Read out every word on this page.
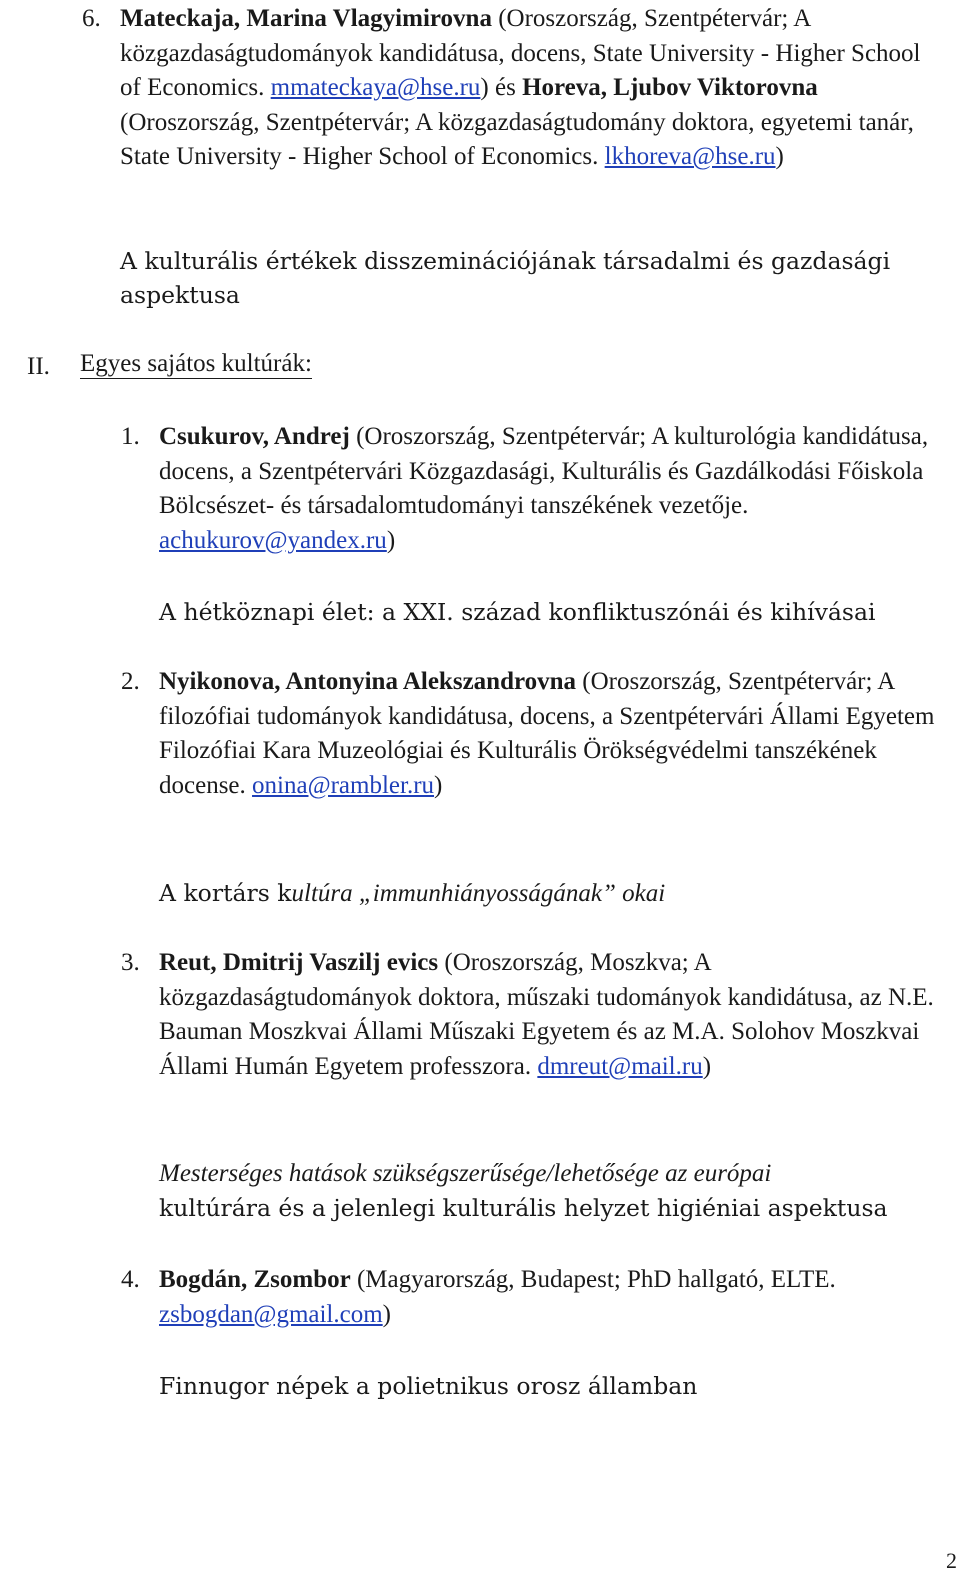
6. Mateckaja, Marina Vlagyimirovna (Oroszország, Szentpétervár; A közgazdaságtudományok kandidátusa, docens, State University - Higher School of Economics. mmateckaya@hse.ru) és Horeva, Ljubov Viktorovna (Oroszország, Szentpétervár; A közgazdaságtudomány doktora, egyetemi tanár, State University - Higher School of Economics. lkhoreva@hse.ru)

A kulturális értékek disszeminációjának társadalmi és gazdasági aspektusa
II. Egyes sajátos kultúrák:
1. Csukurov, Andrej (Oroszország, Szentpétervár; A kulturológia kandidátusa, docens, a Szentpétervári Közgazdasági, Kulturális és Gazdálkodási Főiskola Bölcsészet- és társadalomtudományi tanszékének vezetője. achukurov@yandex.ru)

A hétköznapi élet: a XXI. század konfliktuszónái és kihívásai
2. Nyikonova, Antonyina Alekszandrovna (Oroszország, Szentpétervár; A filozófiai tudományok kandidátusa, docens, a Szentpétervári Állami Egyetem Filozófiai Kara Muzeológiai és Kulturális Örökségvédelmi tanszékének docense. onina@rambler.ru)

A kortárs kultúra „immunhiányosságának” okai
3. Reut, Dmitrij Vaszilj evics (Oroszország, Moszkva; A közgazdaságtudományok doktora, műszaki tudományok kandidátusa, az N.E. Bauman Moszkvai Állami Műszaki Egyetem és az M.A. Solohov Moszkvai Állami Humán Egyetem professzora. dmreut@mail.ru)

Mesterséges hatások szükségszerűsége/lehetősége az európai
kultúrára és a jelenlegi kulturális helyzet higiéniai aspektusa
4. Bogdán, Zsombor (Magyarország, Budapest; PhD hallgató, ELTE. zsbogdan@gmail.com)

Finnugor népek a polietnikus orosz államban
2
